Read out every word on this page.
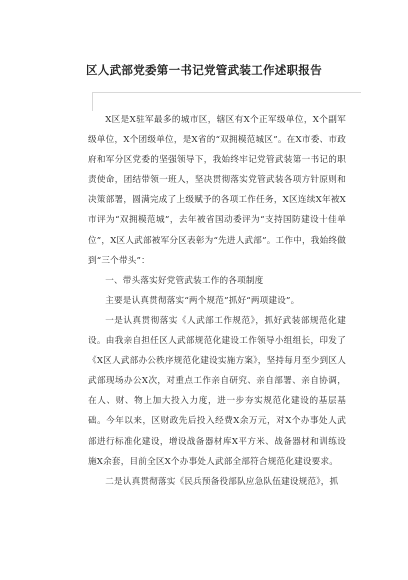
区人武部党委第一书记党管武装工作述职报告

X区是X驻军最多的城市区，辖区有X个正军级单位，X个副军级单位，X个团级单位，是X省的“双拥模范城区”。在X市委、市政府和军分区党委的坚强领导下，我始终牢记党管武装第一书记的职责使命，团结带领一班人，坚决贯彻落实党管武装各项方针原则和决策部署，圆满完成了上级赋予的各项工作任务，X区连续X年被X市评为“双拥模范城”，去年被省国动委评为“支持国防建设十佳单位”，X区人武部被军分区表彰为“先进人武部”。工作中，我始终做到“三个带头”：

一、带头落实好党管武装工作的各项制度

主要是认真贯彻落实“两个规范”抓好“两项建设”。

一是认真贯彻落实《人武部工作规范》，抓好武装部规范化建设。由我亲自担任区人武部规范化建设工作领导小组组长，印发了《X区人武部办公秩序规范化建设实施方案》，坚持每月至少到区人武部现场办公X次，对重点工作亲自研究、亲自部署、亲自协调，在人、财、物上加大投入力度，进一步夯实规范化建设的基层基础。今年以来，区财政先后投入经费X余万元，对X个办事处人武部进行标准化建设，增设战备器材库X平方米、战备器材和训练设施X余套，目前全区X个办事处人武部全部符合规范化建设要求。

二是认真贯彻落实《民兵预备役部队应急队伍建设规范》，抓
